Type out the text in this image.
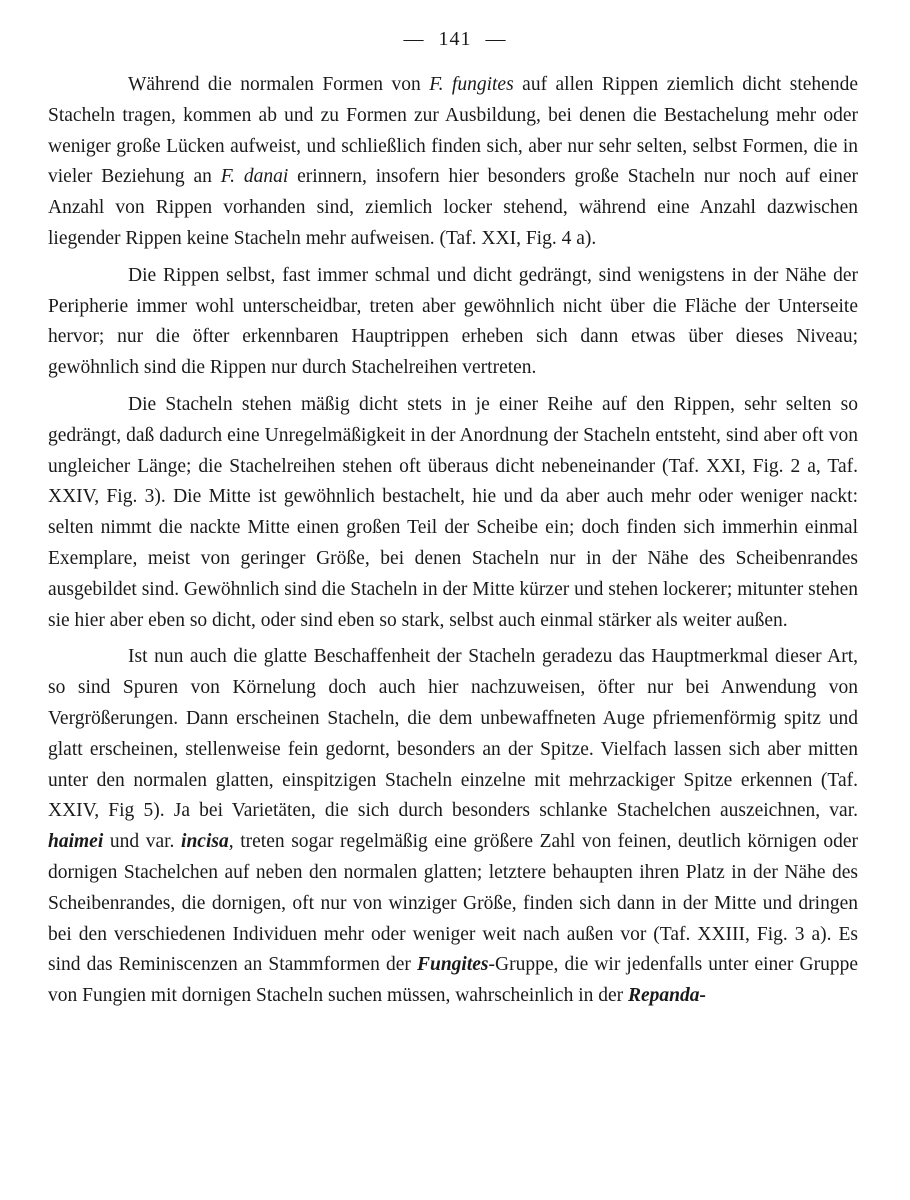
— 141 —

Während die normalen Formen von F. fungites auf allen Rippen ziemlich dicht stehende Stacheln tragen, kommen ab und zu Formen zur Ausbildung, bei denen die Bestachelung mehr oder weniger große Lücken aufweist, und schließlich finden sich, aber nur sehr selten, selbst Formen, die in vieler Beziehung an F. danai erinnern, insofern hier besonders große Stacheln nur noch auf einer Anzahl von Rippen vorhanden sind, ziemlich locker stehend, während eine Anzahl dazwischen liegender Rippen keine Stacheln mehr aufweisen. (Taf. XXI, Fig. 4 a).

Die Rippen selbst, fast immer schmal und dicht gedrängt, sind wenigstens in der Nähe der Peripherie immer wohl unterscheidbar, treten aber gewöhnlich nicht über die Fläche der Unterseite hervor; nur die öfter erkennbaren Hauptrippen erheben sich dann etwas über dieses Niveau; gewöhnlich sind die Rippen nur durch Stachelreihen vertreten.

Die Stacheln stehen mäßig dicht stets in je einer Reihe auf den Rippen, sehr selten so gedrängt, daß dadurch eine Unregelmäßigkeit in der Anordnung der Stacheln entsteht, sind aber oft von ungleicher Länge; die Stachelreihen stehen oft überaus dicht nebeneinander (Taf. XXI, Fig. 2 a, Taf. XXIV, Fig. 3). Die Mitte ist gewöhnlich bestachelt, hie und da aber auch mehr oder weniger nackt: selten nimmt die nackte Mitte einen großen Teil der Scheibe ein; doch finden sich immerhin einmal Exemplare, meist von geringer Größe, bei denen Stacheln nur in der Nähe des Scheibenrandes ausgebildet sind. Gewöhnlich sind die Stacheln in der Mitte kürzer und stehen lockerer; mitunter stehen sie hier aber eben so dicht, oder sind eben so stark, selbst auch einmal stärker als weiter außen.

Ist nun auch die glatte Beschaffenheit der Stacheln geradezu das Hauptmerkmal dieser Art, so sind Spuren von Körnelung doch auch hier nachzuweisen, öfter nur bei Anwendung von Vergrößerungen. Dann erscheinen Stacheln, die dem unbewaffneten Auge pfriemenförmig spitz und glatt erscheinen, stellenweise fein gedornt, besonders an der Spitze. Vielfach lassen sich aber mitten unter den normalen glatten, einspitzigen Stacheln einzelne mit mehrzackiger Spitze erkennen (Taf. XXIV, Fig 5). Ja bei Varietäten, die sich durch besonders schlanke Stachelchen auszeichnen, var. haimei und var. incisa, treten sogar regelmäßig eine größere Zahl von feinen, deutlich körnigen oder dornigen Stachelchen auf neben den normalen glatten; letztere behaupten ihren Platz in der Nähe des Scheibenrandes, die dornigen, oft nur von winziger Größe, finden sich dann in der Mitte und dringen bei den verschiedenen Individuen mehr oder weniger weit nach außen vor (Taf. XXIII, Fig. 3 a). Es sind das Reminiscenzen an Stammformen der Fungites-Gruppe, die wir jedenfalls unter einer Gruppe von Fungien mit dornigen Stacheln suchen müssen, wahrscheinlich in der Repanda-
